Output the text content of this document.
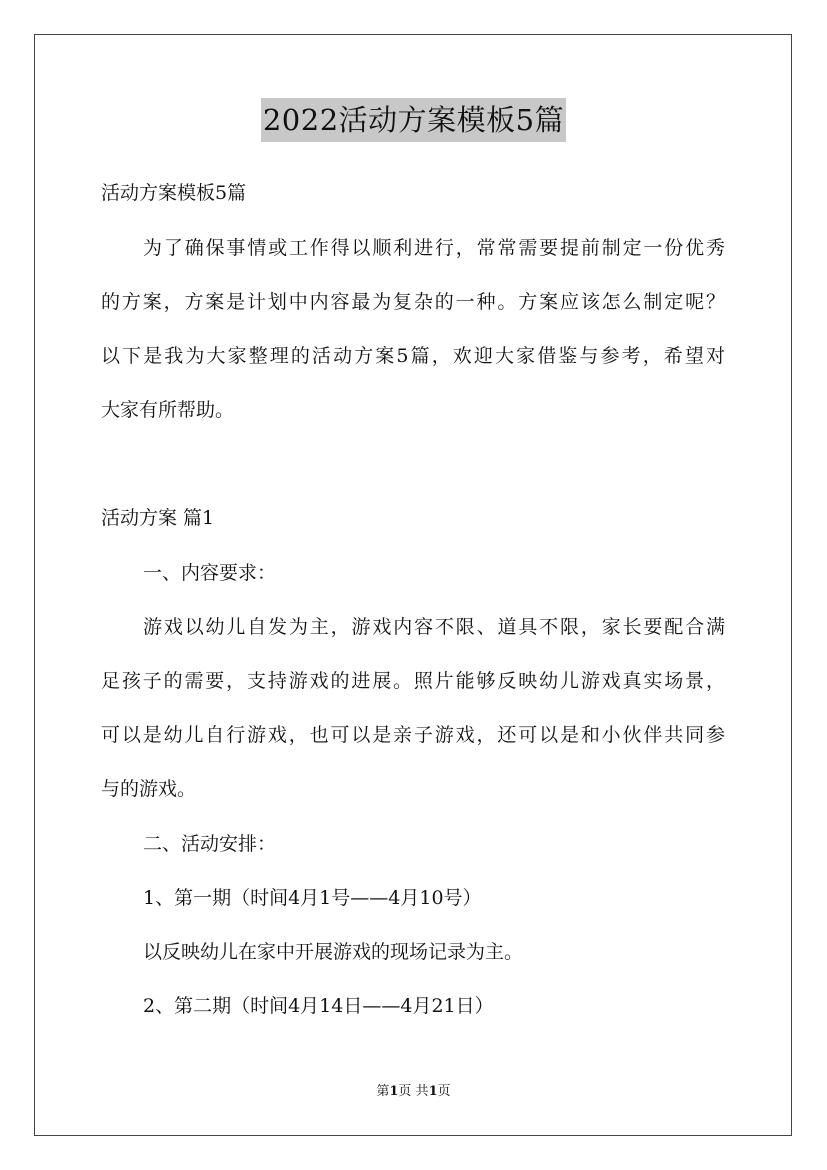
2022活动方案模板5篇
活动方案模板5篇
为了确保事情或工作得以顺利进行，常常需要提前制定一份优秀
的方案，方案是计划中内容最为复杂的一种。方案应该怎么制定呢？
以下是我为大家整理的活动方案5篇，欢迎大家借鉴与参考，希望对
大家有所帮助。
活动方案 篇1
一、内容要求：
游戏以幼儿自发为主，游戏内容不限、道具不限，家长要配合满
足孩子的需要，支持游戏的进展。照片能够反映幼儿游戏真实场景，
可以是幼儿自行游戏，也可以是亲子游戏，还可以是和小伙伴共同参
与的游戏。
二、活动安排：
1、第一期（时间4月1号——4月10号）
以反映幼儿在家中开展游戏的现场记录为主。
2、第二期（时间4月14日——4月21日）
第1页 共1页
